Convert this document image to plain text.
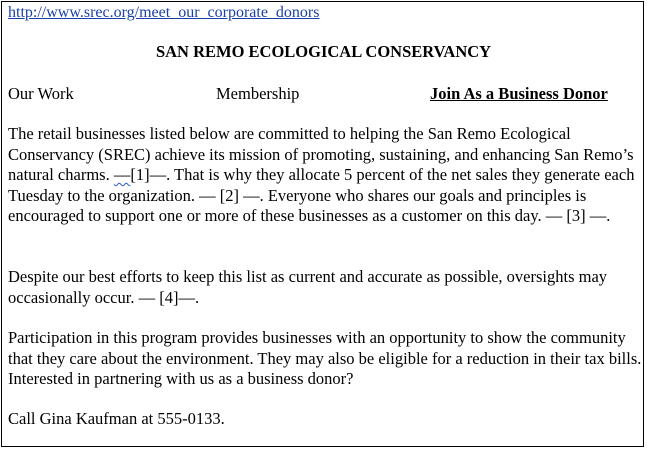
http://www.srec.org/meet_our_corporate_donors
SAN REMO ECOLOGICAL CONSERVANCY
Our Work	Membership	Join As a Business Donor
The retail businesses listed below are committed to helping the San Remo Ecological Conservancy (SREC) achieve its mission of promoting, sustaining, and enhancing San Remo’s natural charms. —[1]—. That is why they allocate 5 percent of the net sales they generate each Tuesday to the organization. — [2] —. Everyone who shares our goals and principles is encouraged to support one or more of these businesses as a customer on this day. — [3] —.
Despite our best efforts to keep this list as current and accurate as possible, oversights may occasionally occur. — [4]—.
Participation in this program provides businesses with an opportunity to show the community that they care about the environment. They may also be eligible for a reduction in their tax bills. Interested in partnering with us as a business donor?
Call Gina Kaufman at 555-0133.
